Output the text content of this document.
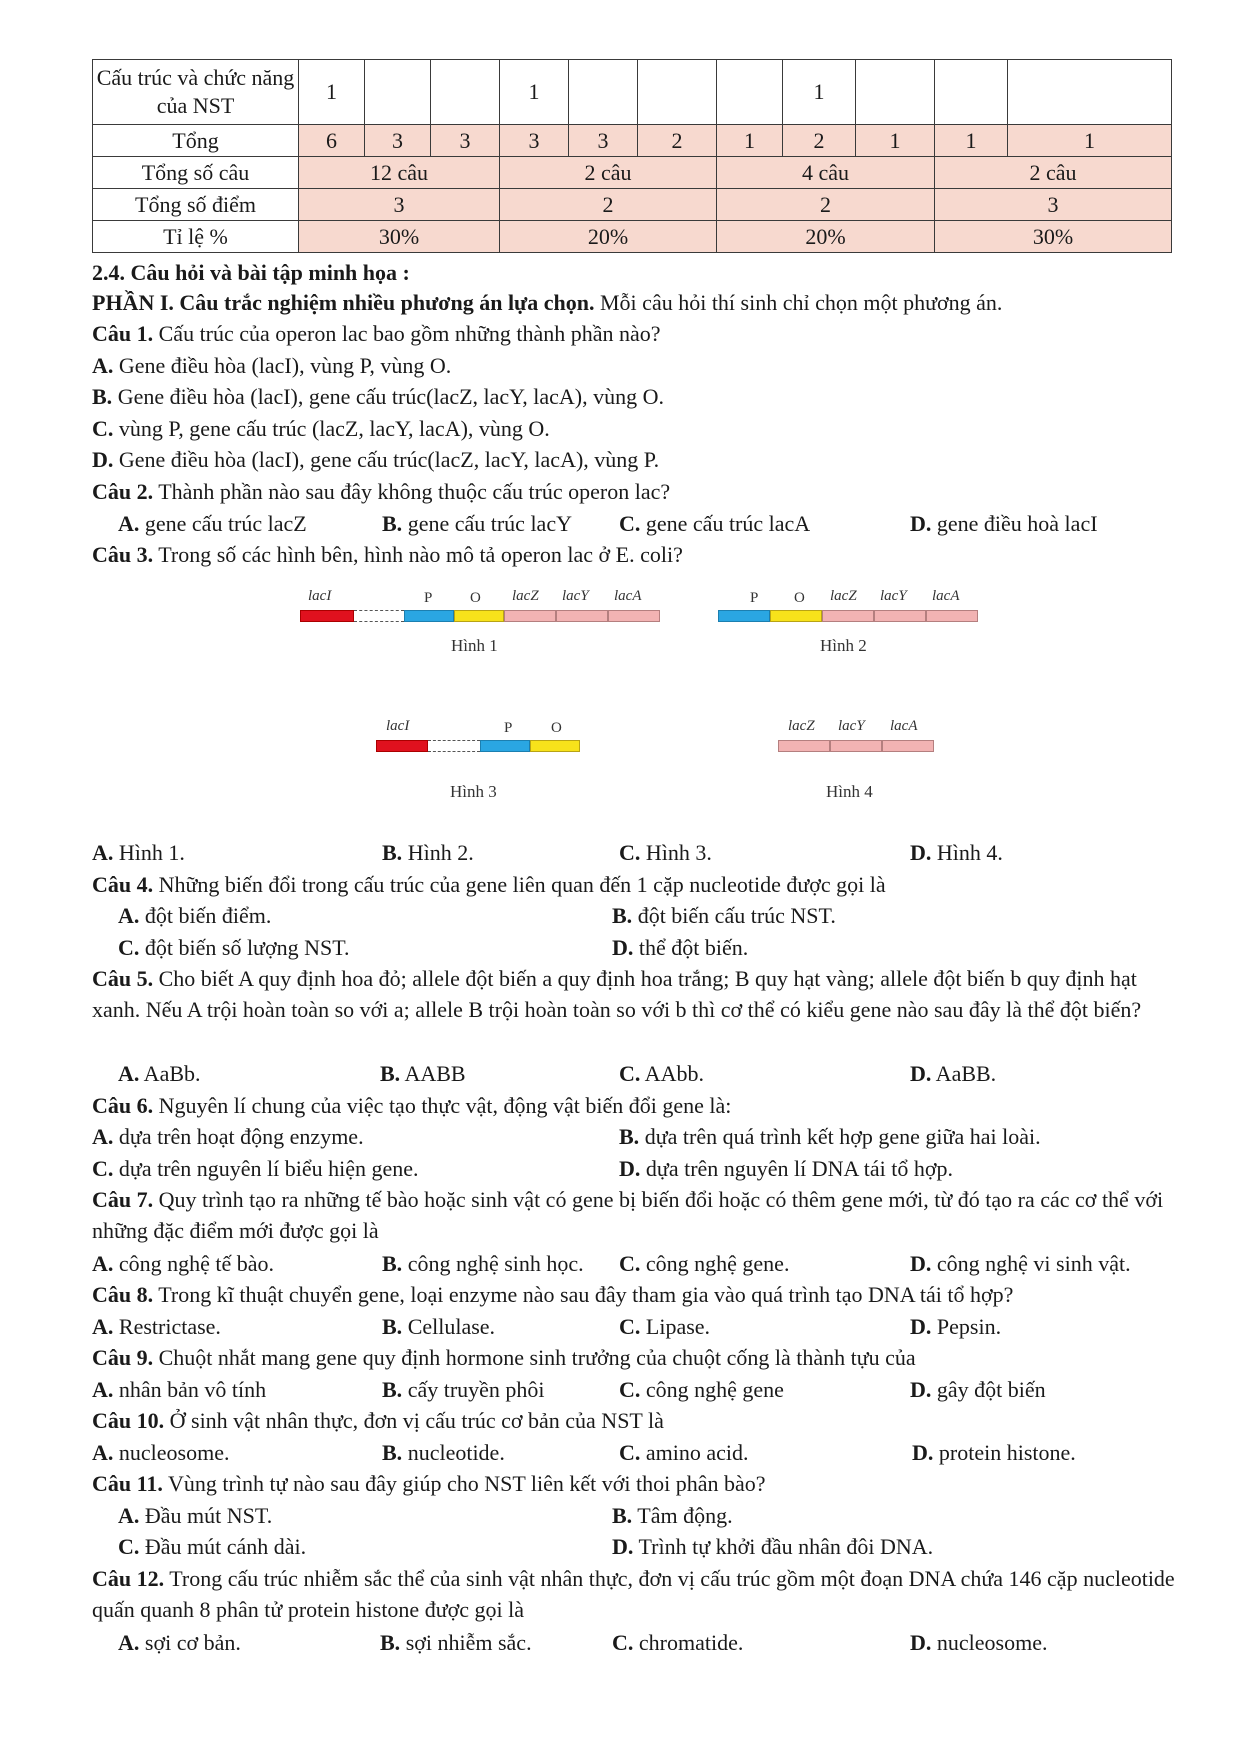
Cấu trúc và chức năng của NST	1			1				1			
Tổng	6	3	3	3	3	2	1	2	1	1	1
Tổng số câu	12 câu			2 câu			4 câu			2 câu	
Tổng số điểm	3			2			2			3	
Tỉ lệ %	30%			20%			20%			30%	
2.4. Câu hỏi và bài tập minh họa :
PHẦN I. Câu trắc nghiệm nhiều phương án lựa chọn. Mỗi câu hỏi thí sinh chỉ chọn một phương án.
Câu 1. Cấu trúc của operon lac bao gồm những thành phần nào?
A. Gene điều hòa (lacI), vùng P, vùng O.
B. Gene điều hòa (lacI), gene cấu trúc(lacZ, lacY, lacA), vùng O.
C. vùng P, gene cấu trúc (lacZ, lacY, lacA), vùng O.
D. Gene điều hòa (lacI), gene cấu trúc(lacZ, lacY, lacA), vùng P.
Câu 2. Thành phần nào sau đây không thuộc cấu trúc operon lac?
A. gene cấu trúc lacZ	B. gene cấu trúc lacY C. gene cấu trúc lacA	D. gene điều hoà lacI
Câu 3. Trong số các hình bên, hình nào mô tả operon lac ở E. coli?
lacI	P	O lacZ lacY lacA
Hình 1
P O lacZ lacY lacA
Hình 2
lacI	P	O
Hình 3
lacZ lacY lacA
Hình 4
A. Hình 1.	B. Hình 2.	C. Hình 3.	D. Hình 4.
Câu 4. Những biến đổi trong cấu trúc của gene liên quan đến 1 cặp nucleotide được gọi là
A. đột biến điểm.	B. đột biến cấu trúc NST.
C. đột biến số lượng NST.	D. thể đột biến.
Câu 5. Cho biết A quy định hoa đỏ; allele đột biến a quy định hoa trắng; B quy hạt vàng; allele đột biến b quy định hạt xanh. Nếu A trội hoàn toàn so với a; allele B trội hoàn toàn so với b thì cơ thể có kiểu gene nào sau đây là thể đột biến?
A. AaBb.	B. AABB	C. AAbb.	D. AaBB.
Câu 6. Nguyên lí chung của việc tạo thực vật, động vật biến đổi gene là:
A. dựa trên hoạt động enzyme.	B. dựa trên quá trình kết hợp gene giữa hai loài.
C. dựa trên nguyên lí biểu hiện gene.	D. dựa trên nguyên lí DNA tái tổ hợp.
Câu 7. Quy trình tạo ra những tế bào hoặc sinh vật có gene bị biến đổi hoặc có thêm gene mới, từ đó tạo ra các cơ thể với những đặc điểm mới được gọi là
A. công nghệ tế bào.	B. công nghệ sinh học. C. công nghệ gene.	D. công nghệ vi sinh vật.
Câu 8. Trong kĩ thuật chuyển gene, loại enzyme nào sau đây tham gia vào quá trình tạo DNA tái tổ hợp?
A. Restrictase.	B. Cellulase.	C. Lipase.	D. Pepsin.
Câu 9. Chuột nhắt mang gene quy định hormone sinh trưởng của chuột cống là thành tựu của
A. nhân bản vô tính	B. cấy truyền phôi	C. công nghệ gene	D. gây đột biến
Câu 10. Ở sinh vật nhân thực, đơn vị cấu trúc cơ bản của NST là
A. nucleosome.	B. nucleotide.	C. amino acid.	D. protein histone.
Câu 11. Vùng trình tự nào sau đây giúp cho NST liên kết với thoi phân bào?
A. Đầu mút NST.	B. Tâm động.
C. Đầu mút cánh dài.	D. Trình tự khởi đầu nhân đôi DNA.
Câu 12. Trong cấu trúc nhiễm sắc thể của sinh vật nhân thực, đơn vị cấu trúc gồm một đoạn DNA chứa 146 cặp nucleotide quấn quanh 8 phân tử protein histone được gọi là
A. sợi cơ bản.	B. sợi nhiễm sắc.	C. chromatide.	D. nucleosome.
